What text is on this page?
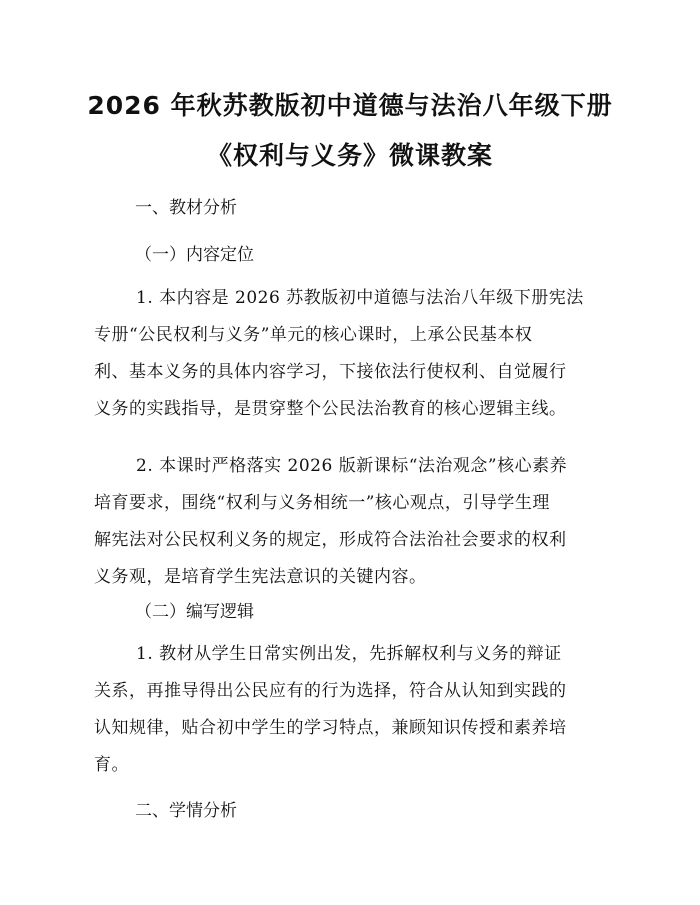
2026 年秋苏教版初中道德与法治八年级下册
《权利与义务》微课教案

一、教材分析

（一）内容定位

1. 本内容是 2026 苏教版初中道德与法治八年级下册宪法
专册“公民权利与义务”单元的核心课时，上承公民基本权
利、基本义务的具体内容学习，下接依法行使权利、自觉履行
义务的实践指导，是贯穿整个公民法治教育的核心逻辑主线。
2. 本课时严格落实 2026 版新课标“法治观念”核心素养
培育要求，围绕“权利与义务相统一”核心观点，引导学生理
解宪法对公民权利义务的规定，形成符合法治社会要求的权利
义务观，是培育学生宪法意识的关键内容。

（二）编写逻辑

1. 教材从学生日常实例出发，先拆解权利与义务的辩证
关系，再推导得出公民应有的行为选择，符合从认知到实践的
认知规律，贴合初中学生的学习特点，兼顾知识传授和素养培
育。

二、学情分析
